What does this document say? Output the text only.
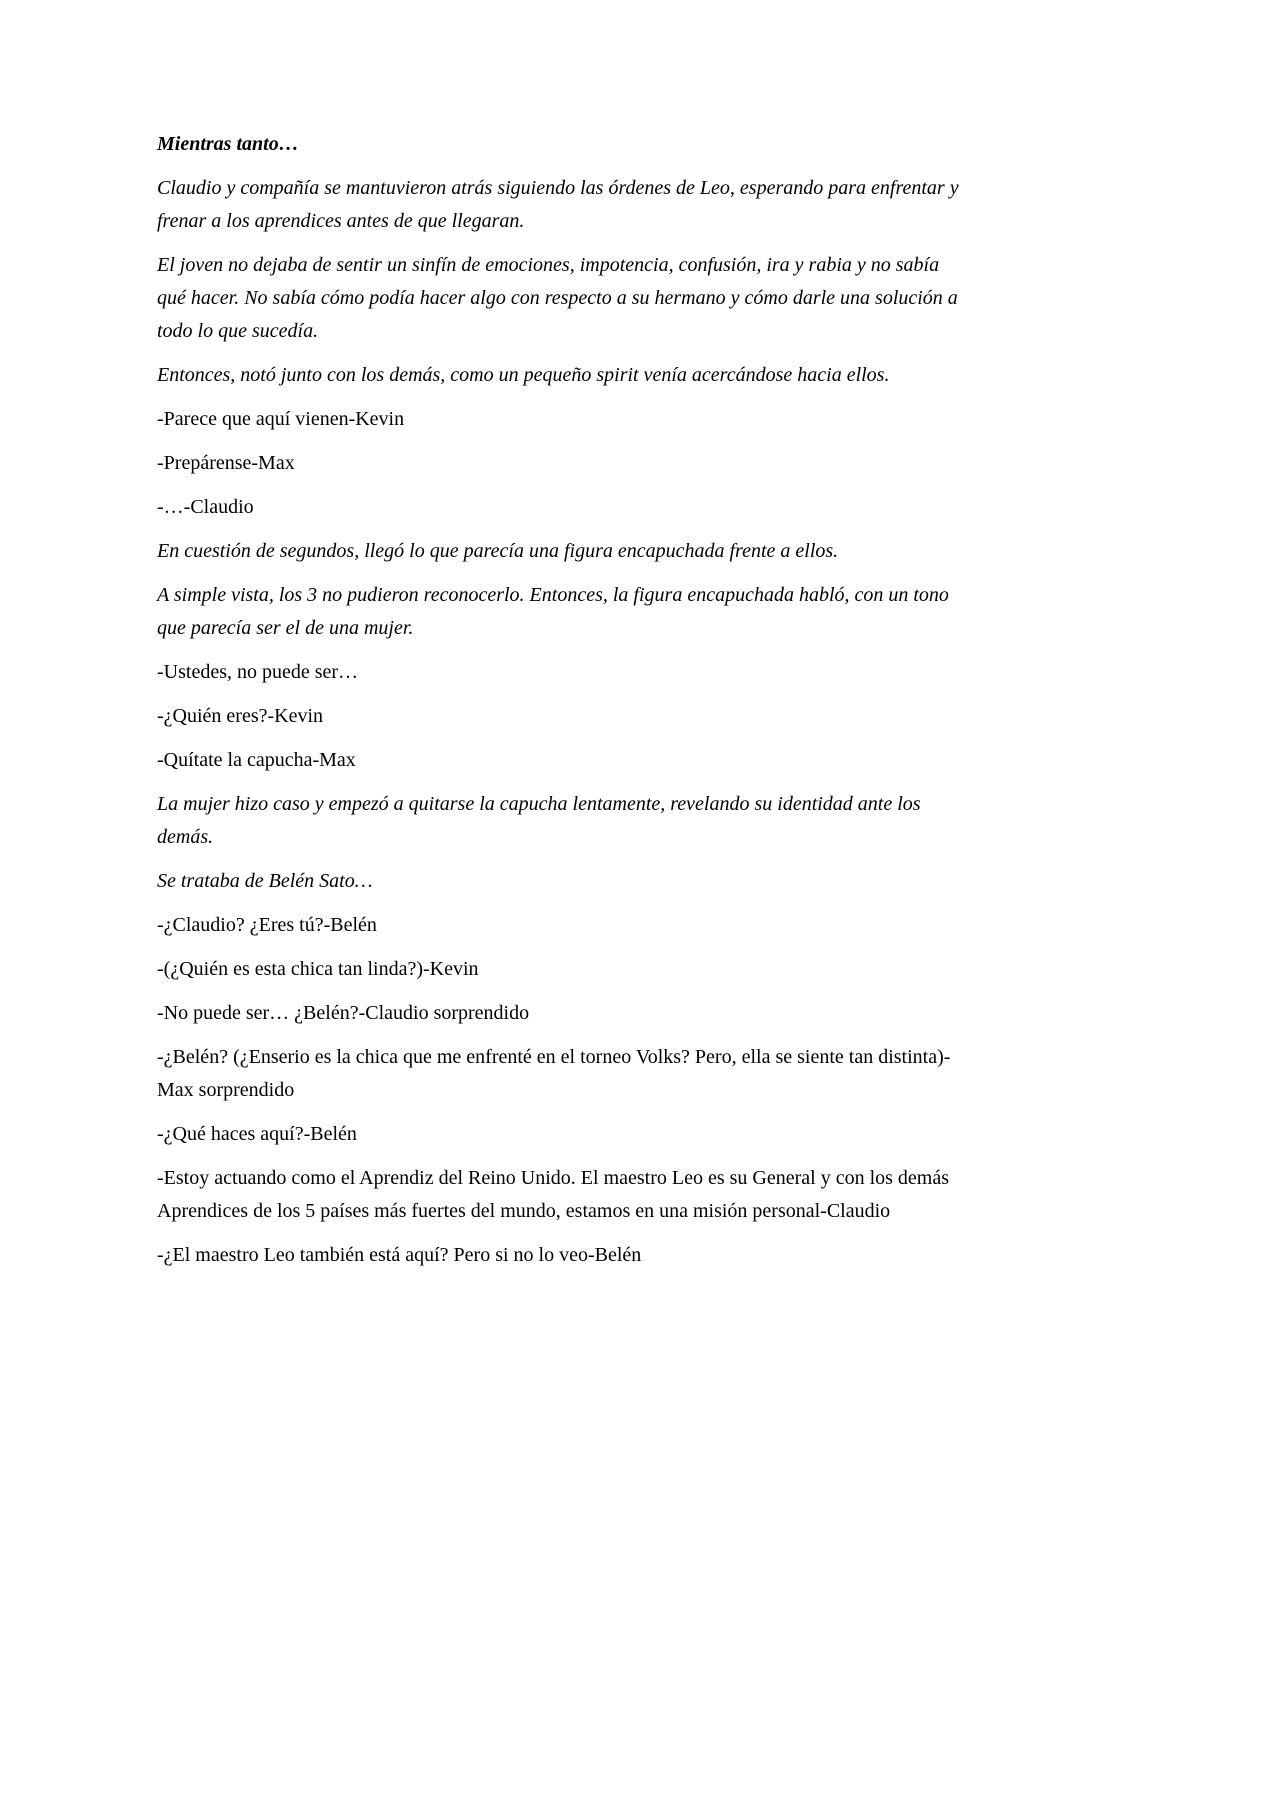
Mientras tanto…

Claudio y compañía se mantuvieron atrás siguiendo las órdenes de Leo, esperando para enfrentar y frenar a los aprendices antes de que llegaran.

El joven no dejaba de sentir un sinfín de emociones, impotencia, confusión, ira y rabia y no sabía qué hacer. No sabía cómo podía hacer algo con respecto a su hermano y cómo darle una solución a todo lo que sucedía.

Entonces, notó junto con los demás, como un pequeño spirit venía acercándose hacia ellos.

-Parece que aquí vienen-Kevin

-Prepárense-Max

-…-Claudio

En cuestión de segundos, llegó lo que parecía una figura encapuchada frente a ellos.

A simple vista, los 3 no pudieron reconocerlo. Entonces, la figura encapuchada habló, con un tono que parecía ser el de una mujer.

-Ustedes, no puede ser…

-¿Quién eres?-Kevin

-Quítate la capucha-Max

La mujer hizo caso y empezó a quitarse la capucha lentamente, revelando su identidad ante los demás.

Se trataba de Belén Sato…

-¿Claudio? ¿Eres tú?-Belén

-(¿Quién es esta chica tan linda?)-Kevin

-No puede ser… ¿Belén?-Claudio sorprendido

-¿Belén? (¿Enserio es la chica que me enfrenté en el torneo Volks? Pero, ella se siente tan distinta)-Max sorprendido

-¿Qué haces aquí?-Belén

-Estoy actuando como el Aprendiz del Reino Unido. El maestro Leo es su General y con los demás Aprendices de los 5 países más fuertes del mundo, estamos en una misión personal-Claudio

-¿El maestro Leo también está aquí? Pero si no lo veo-Belén
